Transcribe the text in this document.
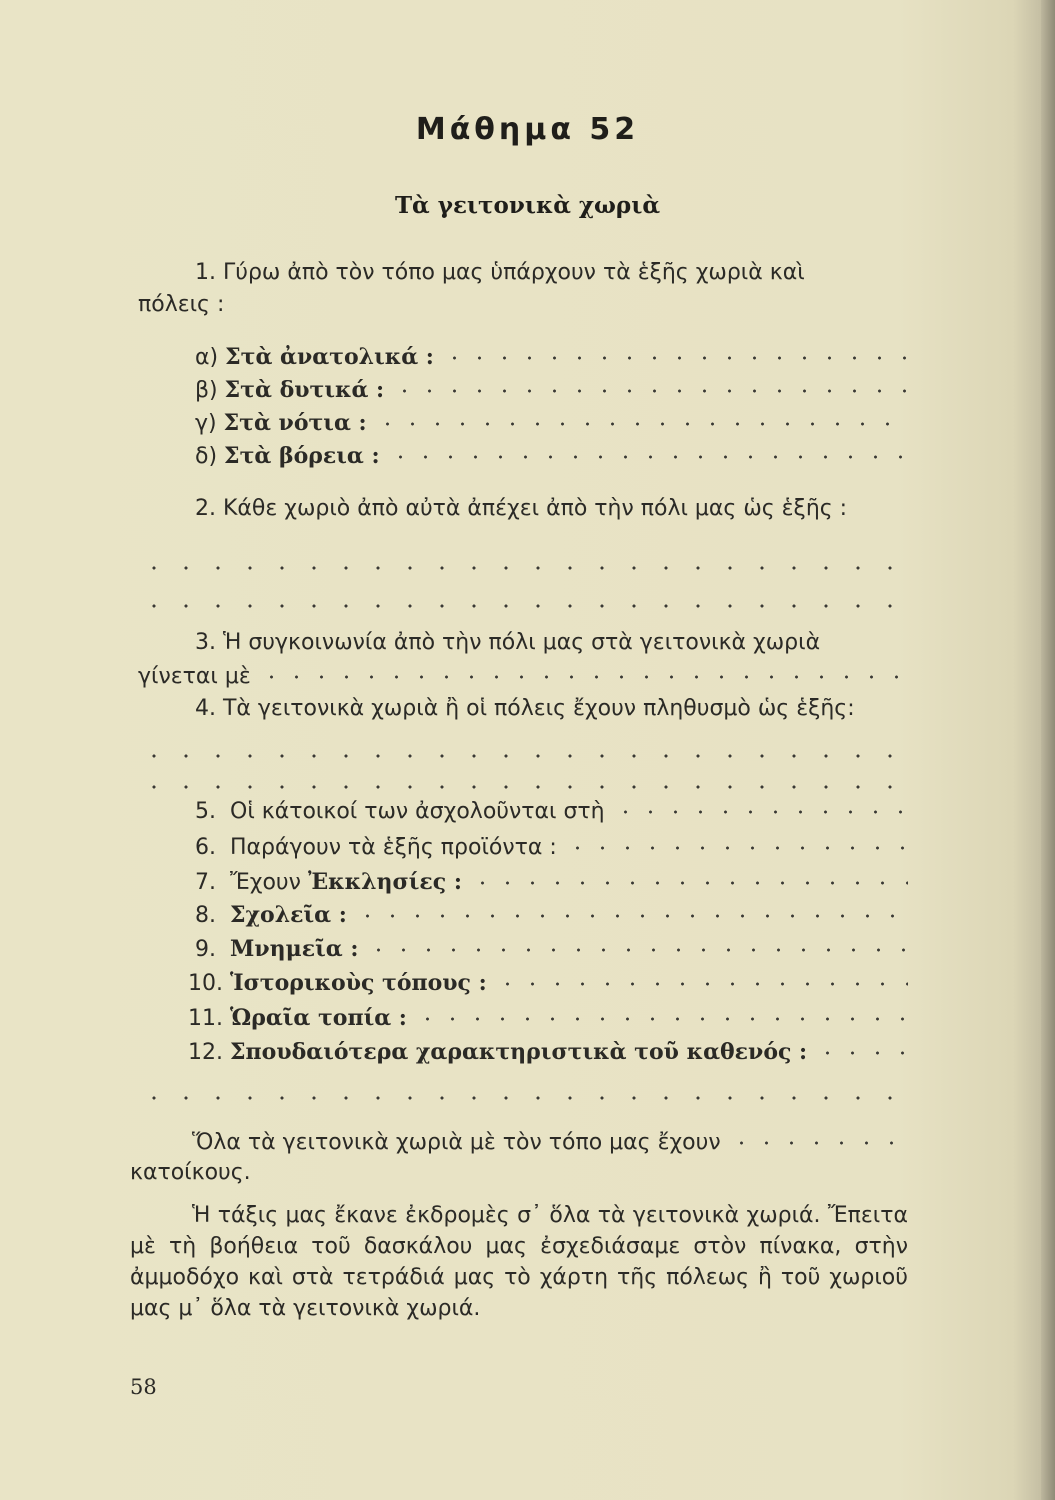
Μάθημα 52
Τὰ γειτονικὰ χωριὰ
1. Γύρω ἀπὸ τὸν τόπο μας ὑπάρχουν τὰ ἑξῆς χωριὰ καὶ
πόλεις :
α)
Στὰ ἀνατολικά :
β)
Στὰ δυτικά :
γ)
Στὰ νότια :
δ)
Στὰ βόρεια :
2. Κάθε χωριὸ ἀπὸ αὐτὰ ἀπέχει ἀπὸ τὴν πόλι μας ὡς ἑξῆς :
3. Ἡ συγκοινωνία ἀπὸ τὴν πόλι μας στὰ γειτονικὰ χωριὰ
γίνεται μὲ
4. Τὰ γειτονικὰ χωριὰ ἢ οἱ πόλεις ἔχουν πληθυσμὸ ὡς ἑξῆς:
5.
Οἱ κάτοικοί των ἀσχολοῦνται στὴ
6.
Παράγουν τὰ ἑξῆς προϊόντα :
7.
Ἔχουν
Ἐκκλησίες :
8.
Σχολεῖα :
9.
Μνημεῖα :
10.
Ἱστορικοὺς τόπους :
11.
Ὡραῖα τοπία :
12.
Σπουδαιότερα χαρακτηριστικὰ τοῦ καθενός :
Ὅλα τὰ γειτονικὰ χωριὰ μὲ τὸν τόπο μας ἔχουν
κατοίκους.
Ἡ τάξις μας ἔκανε ἐκδρομὲς σ᾽ ὅλα τὰ γειτονικὰ χωριά. Ἔπειτα μὲ τὴ βοήθεια τοῦ δασκάλου μας ἐσχεδιάσαμε στὸν πίνακα, στὴν ἀμμοδόχο καὶ στὰ τετράδιά μας τὸ χάρτη τῆς πόλεως ἢ τοῦ χωριοῦ μας μ᾽ ὅλα τὰ γειτονικὰ χωριά.
58
